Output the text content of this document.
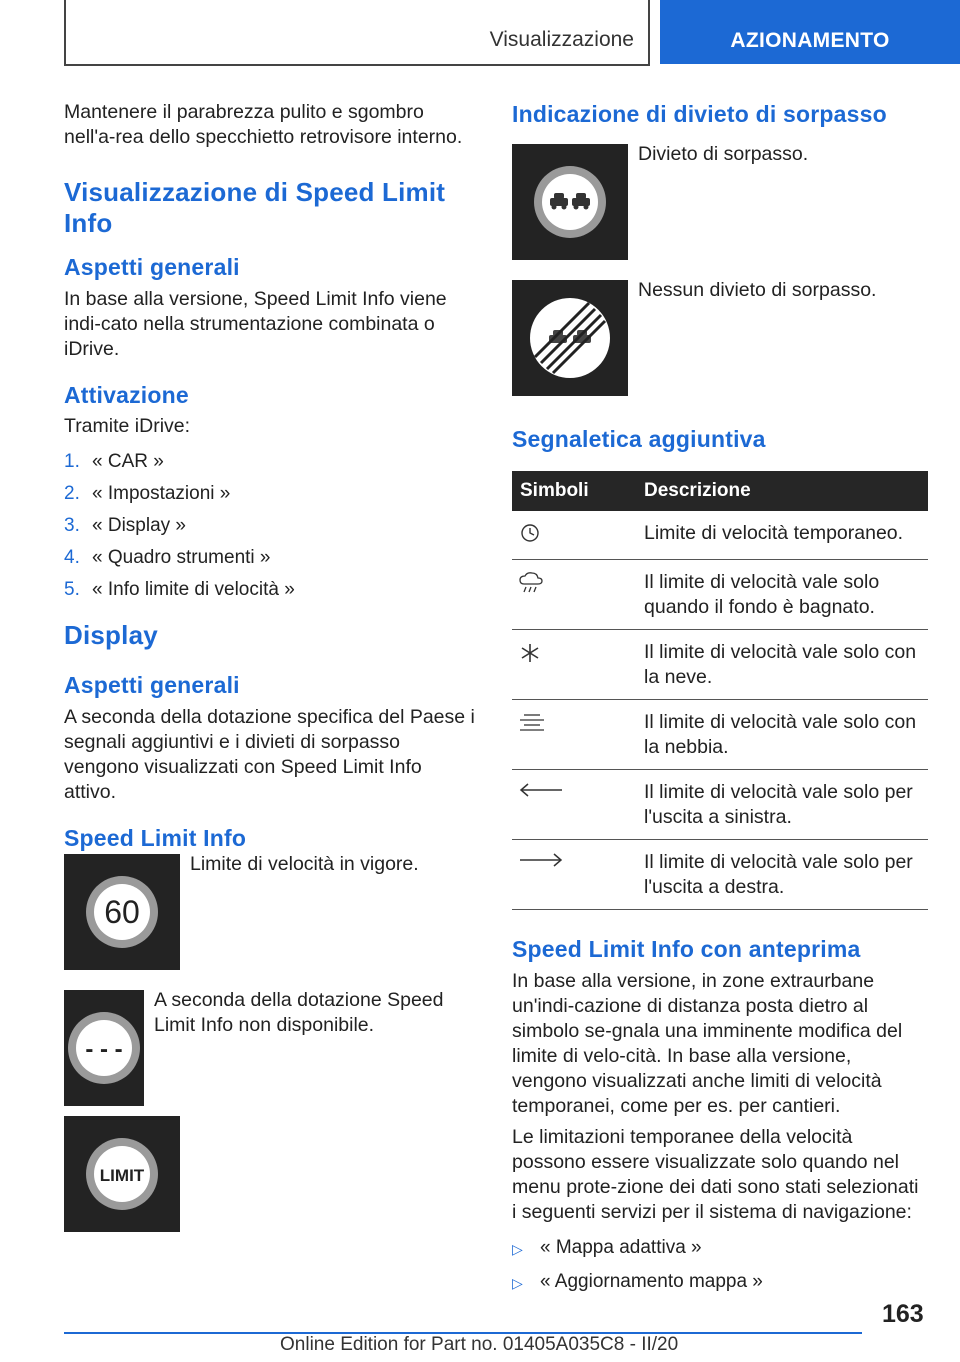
Visualizzazione	AZIONAMENTO

Mantenere il parabrezza pulito e sgombro nell'a-rea dello specchietto retrovisore interno.

Visualizzazione di Speed Limit Info
Aspetti generali

In base alla versione, Speed Limit Info viene indi-cato nella strumentazione combinata o iDrive.

Attivazione

Tramite iDrive:

1. « CAR »
2. « Impostazioni »
3. « Display »
4. « Quadro strumenti »
5. « Info limite di velocità »
Display
Aspetti generali

A seconda della dotazione specifica del Paese i segnali aggiuntivi e i divieti di sorpasso vengono visualizzati con Speed Limit Info attivo.

Speed Limit Info
60

Limite di velocità in vigore.

- - -

A seconda della dotazione Speed Limit Info non disponibile.

LIMIT
Indicazione di divieto di sorpasso

Divieto di sorpasso.

Nessun divieto di sorpasso.

Segnaletica aggiuntiva
Simboli	Descrizione
	Limite di velocità temporaneo.
	Il limite di velocità vale solo quando il fondo è bagnato.
	Il limite di velocità vale solo con la neve.
	Il limite di velocità vale solo con la nebbia.
	Il limite di velocità vale solo per l'uscita a sinistra.
	Il limite di velocità vale solo per l'uscita a destra.
Speed Limit Info con anteprima

In base alla versione, in zone extraurbane un'indi-cazione di distanza posta dietro al simbolo se-gnala una imminente modifica del limite di velo-cità. In base alla versione, vengono visualizzati anche limiti di velocità temporanei, come per es. per cantieri.

Le limitazioni temporanee della velocità possono essere visualizzate solo quando nel menu prote-zione dei dati sono stati selezionati i seguenti servizi per il sistema di navigazione:

▷ « Mappa adattiva »
▷ « Aggiornamento mappa »
163
Online Edition for Part no. 01405A035C8 - II/20
